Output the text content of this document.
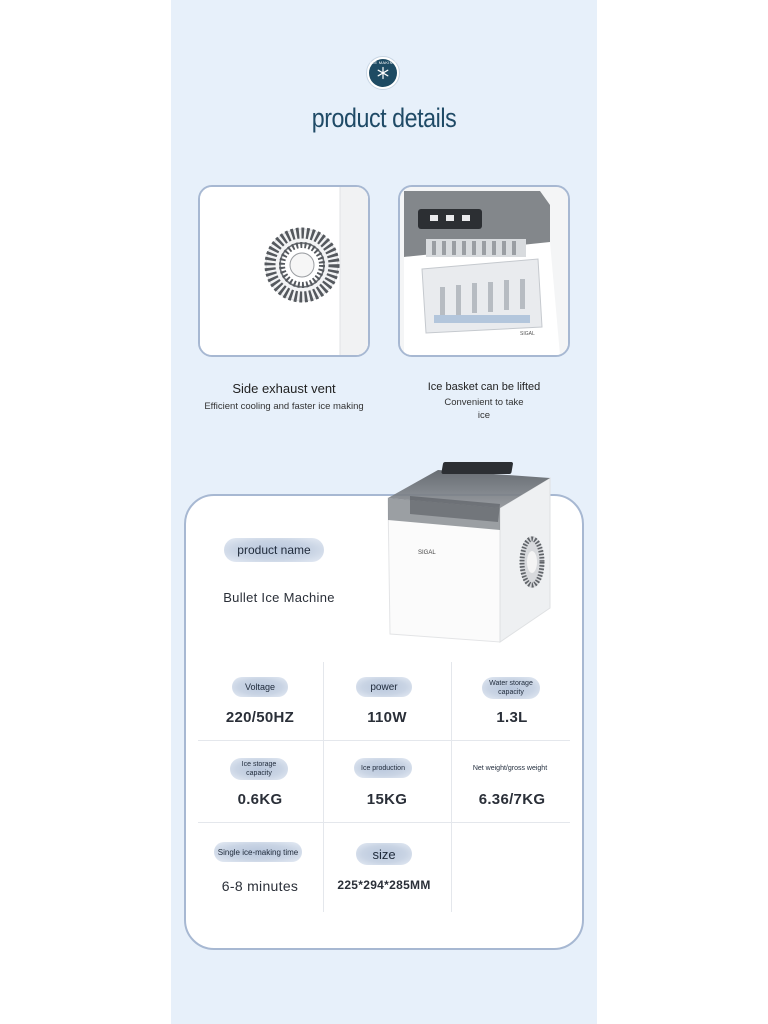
ICE MAKING
product details
SIGAL
Side exhaust vent
Efficient cooling and faster ice making
Ice basket can be lifted
Convenient to take
ice
SIGAL
product name
Bullet Ice Machine
Voltage
220/50HZ
power
110W
Water storage
capacity
1.3L
Ice storage
capacity
0.6KG
Ice production
15KG
Net weight/gross weight
6.36/7KG
Single ice-making time
6-8 minutes
size
225*294*285MM
